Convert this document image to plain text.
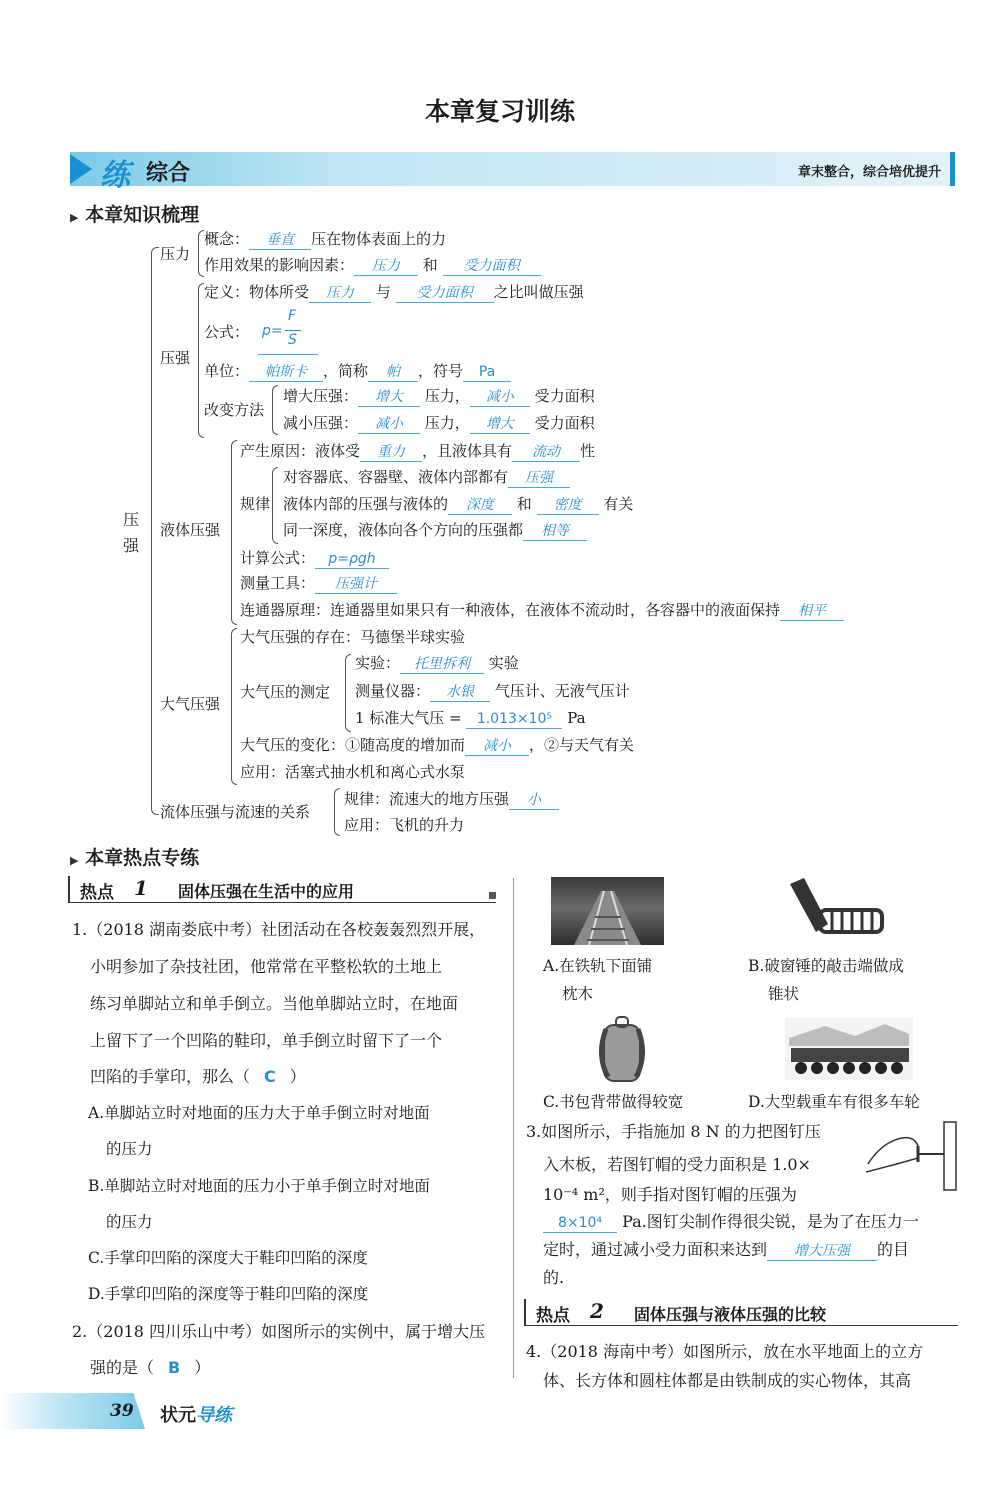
本章复习训练
练 综合	章末整合，综合培优提升
▶ 本章知识梳理
压
强
压力
概念： 垂直 压在物体表面上的力
作用效果的影响因素： 压力 和 受力面积
压强
定义：物体所受 压力 与 受力面积 之比叫做压强
公式： p=
F
S
单位： 帕斯卡 ，简称 帕 ，符号 Pa
改变方法
增大压强： 增大 压力， 减小 受力面积
减小压强： 减小 压力， 增大 受力面积
液体压强
产生原因：液体受 重力 ，且液体具有 流动 性
规律
对容器底、容器壁、液体内部都有 压强
液体内部的压强与液体的 深度 和 密度 有关
同一深度，液体向各个方向的压强都 相等
计算公式： p=ρgh
测量工具： 压强计
连通器原理：连通器里如果只有一种液体，在液体不流动时，各容器中的液面保持 相平
大气压强
大气压强的存在：马德堡半球实验
大气压的测定
实验： 托里拆利 实验
测量仪器： 水银 气压计、无液气压计
1 标准大气压 = 1.013×10⁵ Pa
大气压的变化：①随高度的增加而 减小 ，②与天气有关
应用：活塞式抽水机和离心式水泵
流体压强与流速的关系
规律：流速大的地方压强 小
应用：飞机的升力
▶ 本章热点专练
热点 1 固体压强在生活中的应用
1.（2018 湖南娄底中考）社团活动在各校轰轰烈烈开展，
小明参加了杂技社团，他常常在平整松软的土地上
练习单脚站立和单手倒立。当他单脚站立时，在地面
上留下了一个凹陷的鞋印，单手倒立时留下了一个
凹陷的手掌印，那么（ C ）
A.单脚站立时对地面的压力大于单手倒立时对地面
的压力
B.单脚站立时对地面的压力小于单手倒立时对地面
的压力
C.手掌印凹陷的深度大于鞋印凹陷的深度
D.手掌印凹陷的深度等于鞋印凹陷的深度
2.（2018 四川乐山中考）如图所示的实例中，属于增大压
强的是（ B ）
A.在铁轨下面铺
枕木
B.破窗锤的敲击端做成
锥状
C.书包背带做得较宽	D.大型载重车有很多车轮
3.如图所示，手指施加 8 N 的力把图钉压
入木板，若图钉帽的受力面积是 1.0×
10⁻⁴ m²，则手指对图钉帽的压强为
8×10⁴ Pa.图钉尖制作得很尖锐，是为了在压力一
定时，通过减小受力面积来达到 增大压强 的目
的.
热点 2 固体压强与液体压强的比较
4.（2018 海南中考）如图所示，放在水平地面上的立方
体、长方体和圆柱体都是由铁制成的实心物体，其高
39 状元导练
